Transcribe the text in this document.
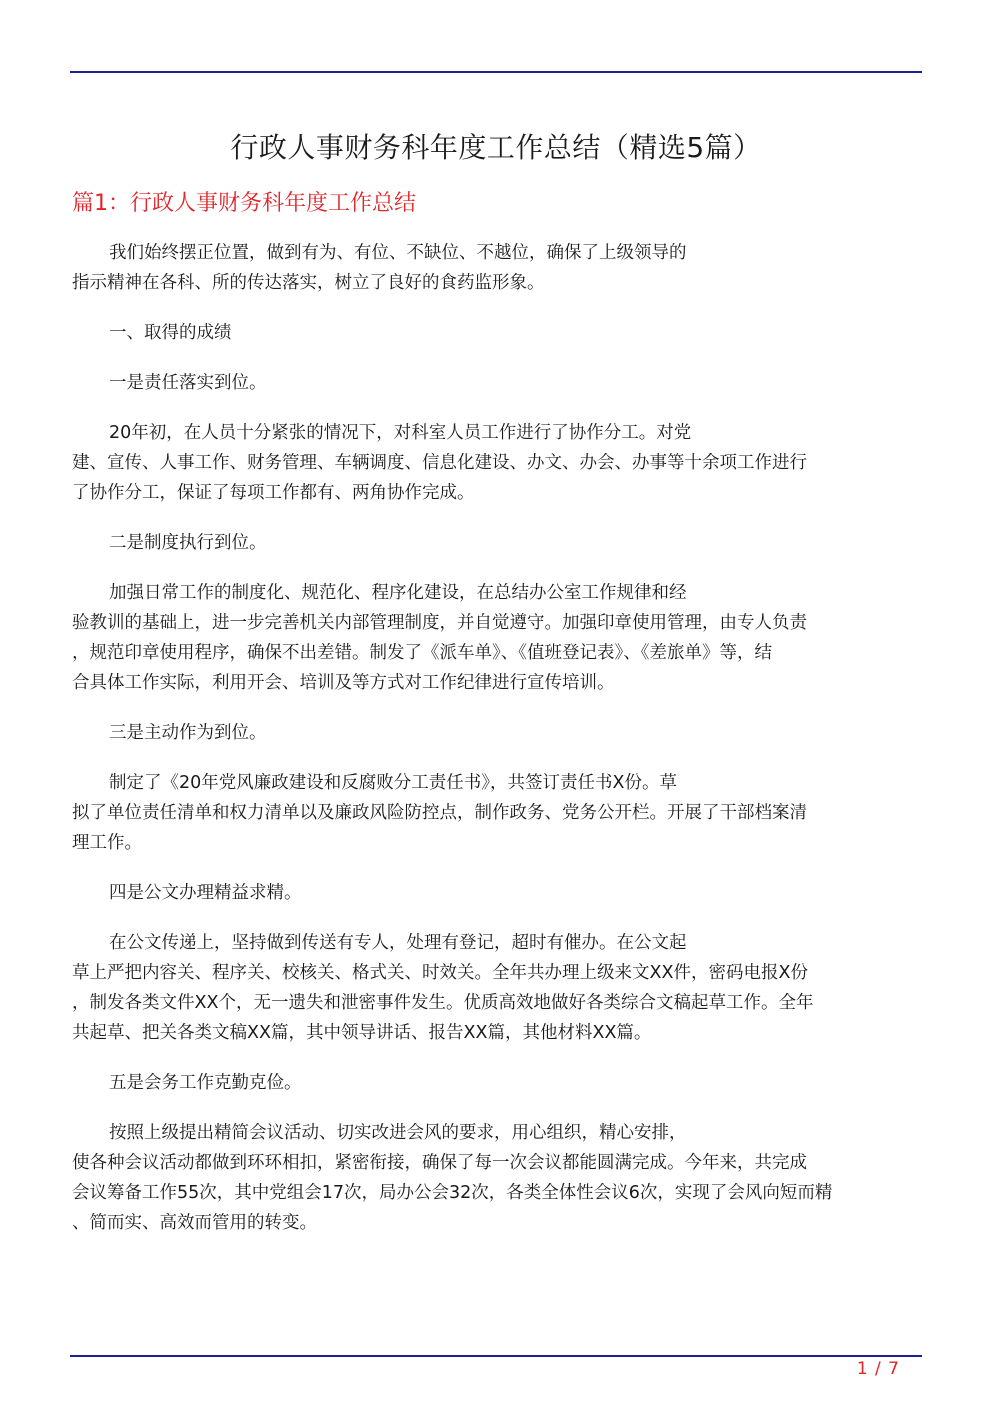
行政人事财务科年度工作总结（精选5篇）
篇1：行政人事财务科年度工作总结
我们始终摆正位置，做到有为、有位、不缺位、不越位，确保了上级领导的
指示精神在各科、所的传达落实，树立了良好的食药监形象。
一、取得的成绩
一是责任落实到位。
20年初，在人员十分紧张的情况下，对科室人员工作进行了协作分工。对党
建、宣传、人事工作、财务管理、车辆调度、信息化建设、办文、办会、办事等十余项工作进行
了协作分工，保证了每项工作都有、两角协作完成。
二是制度执行到位。
加强日常工作的制度化、规范化、程序化建设，在总结办公室工作规律和经
验教训的基础上，进一步完善机关内部管理制度，并自觉遵守。加强印章使用管理，由专人负责
，规范印章使用程序，确保不出差错。制发了《派车单》、《值班登记表》、《差旅单》等，结
合具体工作实际，利用开会、培训及等方式对工作纪律进行宣传培训。
三是主动作为到位。
制定了《20年党风廉政建设和反腐败分工责任书》，共签订责任书X份。草
拟了单位责任清单和权力清单以及廉政风险防控点，制作政务、党务公开栏。开展了干部档案清
理工作。
四是公文办理精益求精。
在公文传递上，坚持做到传送有专人，处理有登记，超时有催办。在公文起
草上严把内容关、程序关、校核关、格式关、时效关。全年共办理上级来文XX件，密码电报X份
，制发各类文件XX个，无一遗失和泄密事件发生。优质高效地做好各类综合文稿起草工作。全年
共起草、把关各类文稿XX篇，其中领导讲话、报告XX篇，其他材料XX篇。
五是会务工作克勤克俭。
按照上级提出精简会议活动、切实改进会风的要求，用心组织，精心安排，
使各种会议活动都做到环环相扣，紧密衔接，确保了每一次会议都能圆满完成。今年来，共完成
会议筹备工作55次，其中党组会17次，局办公会32次，各类全体性会议6次，实现了会风向短而精
、简而实、高效而管用的转变。
1 / 7
